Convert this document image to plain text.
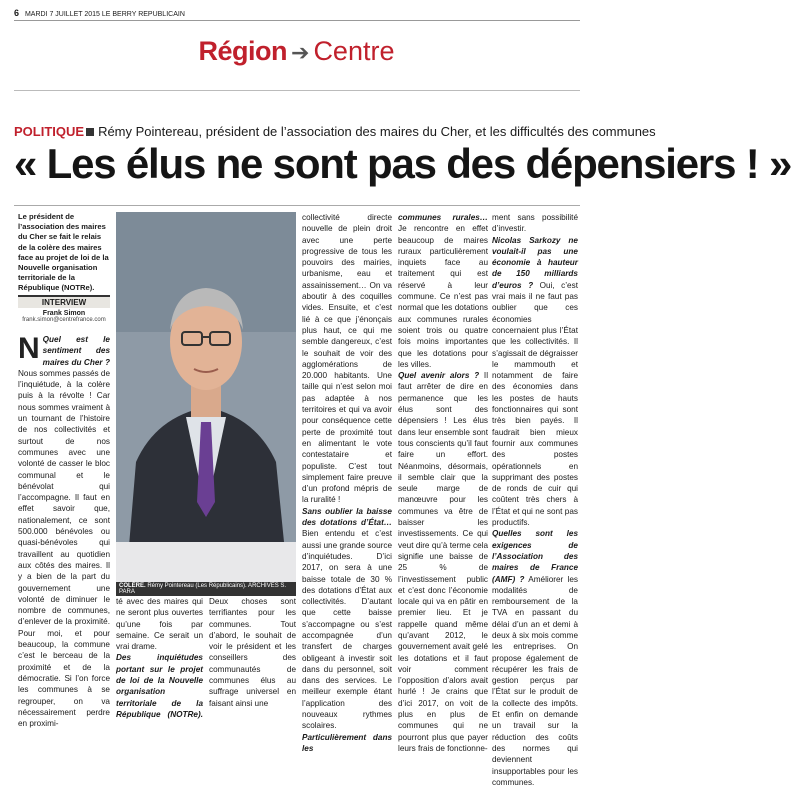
6 MARDI 7 JUILLET 2015 LE BERRY REPUBLICAIN
Région ➔ Centre
POLITIQUE Rémy Pointereau, président de l’association des maires du Cher, et les difficultés des communes
« Les élus ne sont pas des dépensiers ! »
Le président de l’association des maires du Cher se fait le relais de la colère des maires face au projet de loi de la Nouvelle organisation territoriale de la République (NOTRe).
INTERVIEW
Frank Simon
frank.simon@centrefrance.com
N Quel est le sentiment des maires du Cher ? Nous sommes passés de l’inquiétude, à la colère puis à la révolte ! Car nous sommes vraiment à un tournant de l’histoire de nos collectivités et surtout de nos communes avec une volonté de casser le bloc communal et le bénévolat qui l’accompagne. Il faut en effet savoir que, nationalement, ce sont 500.000 bénévoles ou quasi-bénévoles qui travaillent au quotidien aux côtés des maires. Il y a bien de la part du gouvernement une volonté de diminuer le nombre de communes, d’enlever de la proximité. Pour moi, et pour beaucoup, la commune c’est le berceau de la proximité et de la démocratie. Si l’on force les communes à se regrouper, on va nécessairement perdre en proximi-

COLÈRE. Rémy Pointereau (Les Républicains). ARCHIVES S. PARA

té avec des maires qui ne seront plus ouvertes qu’une fois par semaine. Ce serait un vrai drame.

Des inquiétudes portant sur le projet de loi de la Nouvelle organisation territoriale de la République (NOTRe). Deux choses sont terrifiantes pour les communes. Tout d’abord, le souhait de voir le président et les conseillers des communautés de communes élus au suffrage universel en faisant ainsi une

collectivité directe nouvelle de plein droit avec une perte progressive de tous les pouvoirs des mairies, urbanisme, eau et assainissement… On va aboutir à des coquilles vides. Ensuite, et c’est lié à ce que j’énonçais plus haut, ce qui me semble dangereux, c’est le souhait de voir des agglomérations de 20.000 habitants. Une taille qui n’est selon moi pas adaptée à nos territoires et qui va avoir pour conséquence cette perte de proximité tout en alimentant le vote contestataire et populiste. C’est tout simplement faire preuve d’un profond mépris de la ruralité !

Sans oublier la baisse des dotations d’État… Bien entendu et c’est aussi une grande source d’inquiétudes. D’ici 2017, on sera à une baisse totale de 30 % des dotations d’État aux collectivités. D’autant que cette baisse s’accompagne ou s’est accompagnée d’un transfert de charges obligeant à investir soit dans du personnel, soit dans des services. Le meilleur exemple étant l’application des nouveaux rythmes scolaires.

Particulièrement dans les

communes rurales… Je rencontre en effet beaucoup de maires ruraux particulièrement inquiets face au traitement qui est réservé à leur commune. Ce n’est pas normal que les dotations aux communes rurales soient trois ou quatre fois moins importantes que les dotations pour les villes.

Quel avenir alors ? Il faut arrêter de dire en permanence que les élus sont des dépensiers ! Les élus dans leur ensemble sont tous conscients qu’il faut faire un effort. Néanmoins, désormais, il semble clair que la seule marge de manœuvre pour les communes va être de baisser les investissements. Ce qui veut dire qu’à terme cela signifie une baisse de 25 % de l’investissement public et c’est donc l’économie locale qui va en pâtir en premier lieu. Et je rappelle quand même qu’avant 2012, le gouvernement avait gelé les dotations et il faut voir comment l’opposition d’alors avait hurlé ! Je crains que d’ici 2017, on voit de plus en plus de communes qui ne pourront plus que payer leurs frais de fonctionne-

ment sans possibilité d’investir.

Nicolas Sarkozy ne voulait-il pas une économie à hauteur de 150 milliards d’euros ? Oui, c’est vrai mais il ne faut pas oublier que ces économies concernaient plus l’État que les collectivités. Il s’agissait de dégraisser le mammouth et notamment de faire des économies dans les postes de hauts fonctionnaires qui sont très bien payés. Il faudrait bien mieux fournir aux communes des postes opérationnels en supprimant des postes de ronds de cuir qui coûtent très chers à l’État et qui ne sont pas productifs.

Quelles sont les exigences de l’Association des maires de France (AMF) ? Améliorer les modalités de remboursement de la TVA en passant du délai d’un an et demi à deux à six mois comme les entreprises. On propose également de récupérer les frais de gestion perçus par l’État sur le produit de la collecte des impôts. Et enfin on demande un travail sur la réduction des coûts des normes qui deviennent insupportables pour les communes.
